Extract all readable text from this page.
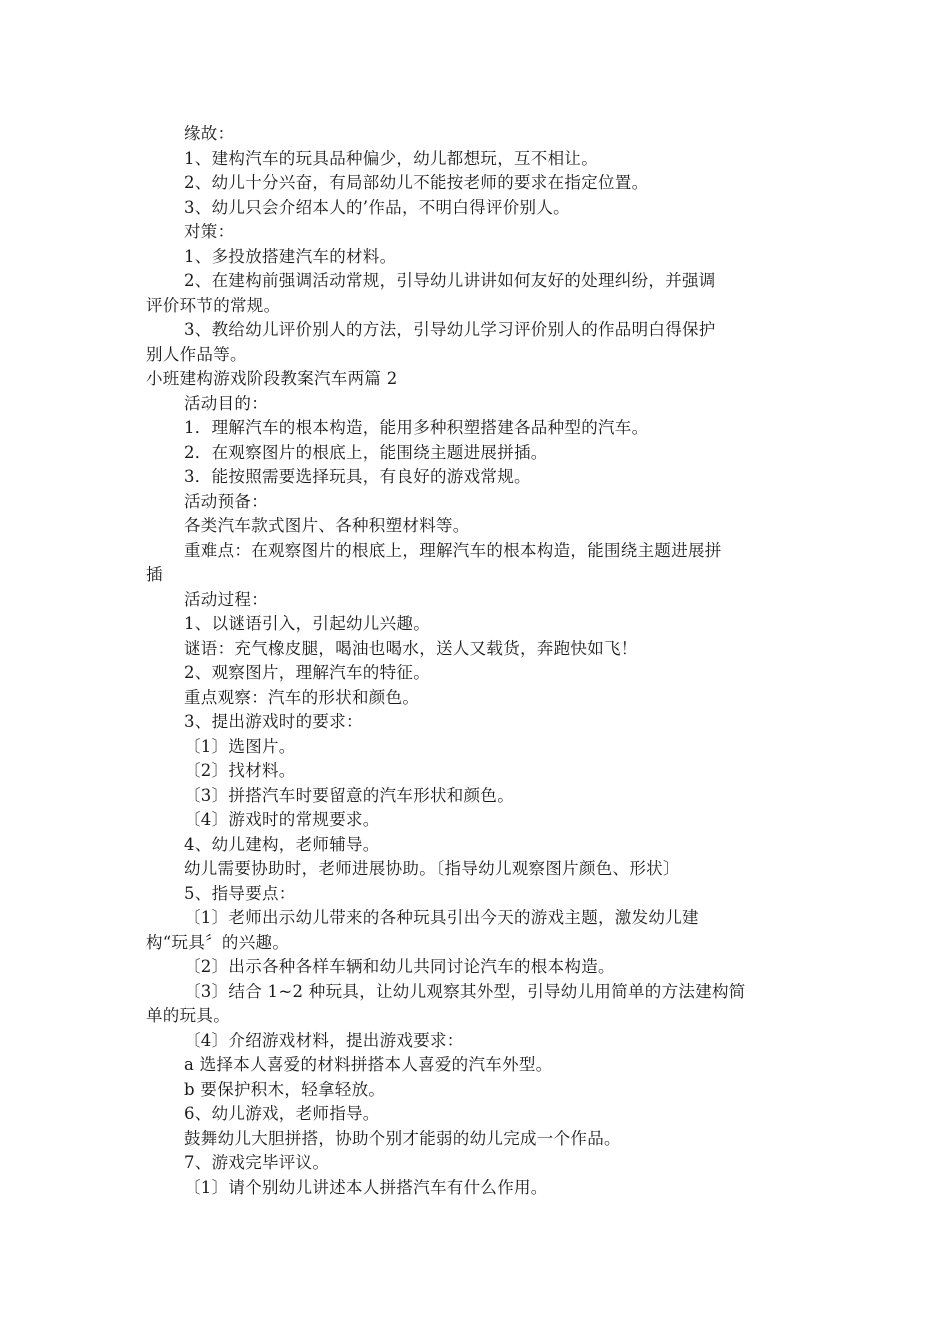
缘故：
1、建构汽车的玩具品种偏少，幼儿都想玩，互不相让。
2、幼儿十分兴奋，有局部幼儿不能按老师的要求在指定位置。
3、幼儿只会介绍本人的’作品，不明白得评价别人。
对策：
1、多投放搭建汽车的材料。
2、在建构前强调活动常规，引导幼儿讲讲如何友好的处理纠纷，并强调
评价环节的常规。
3、教给幼儿评价别人的方法，引导幼儿学习评价别人的作品明白得保护
别人作品等。
小班建构游戏阶段教案汽车两篇 2
活动目的：
1．理解汽车的根本构造，能用多种积塑搭建各品种型的汽车。
2．在观察图片的根底上，能围绕主题进展拼插。
3．能按照需要选择玩具，有良好的游戏常规。
活动预备：
各类汽车款式图片、各种积塑材料等。
重难点：在观察图片的根底上，理解汽车的根本构造，能围绕主题进展拼
插
活动过程：
1、以谜语引入，引起幼儿兴趣。
谜语：充气橡皮腿，喝油也喝水，送人又载货，奔跑快如飞！
2、观察图片，理解汽车的特征。
重点观察：汽车的形状和颜色。
3、提出游戏时的要求：
〔1〕选图片。
〔2〕找材料。
〔3〕拼搭汽车时要留意的汽车形状和颜色。
〔4〕游戏时的常规要求。
4、幼儿建构，老师辅导。
幼儿需要协助时，老师进展协助。〔指导幼儿观察图片颜色、形状〕
5、指导要点：
〔1〕老师出示幼儿带来的各种玩具引出今天的游戏主题，激发幼儿建
构“玩具〞的兴趣。
〔2〕出示各种各样车辆和幼儿共同讨论汽车的根本构造。
〔3〕结合 1~2 种玩具，让幼儿观察其外型，引导幼儿用简单的方法建构简
单的玩具。
〔4〕介绍游戏材料，提出游戏要求：
a 选择本人喜爱的材料拼搭本人喜爱的汽车外型。
b 要保护积木，轻拿轻放。
6、幼儿游戏，老师指导。
鼓舞幼儿大胆拼搭，协助个别才能弱的幼儿完成一个作品。
7、游戏完毕评议。
〔1〕请个别幼儿讲述本人拼搭汽车有什么作用。
